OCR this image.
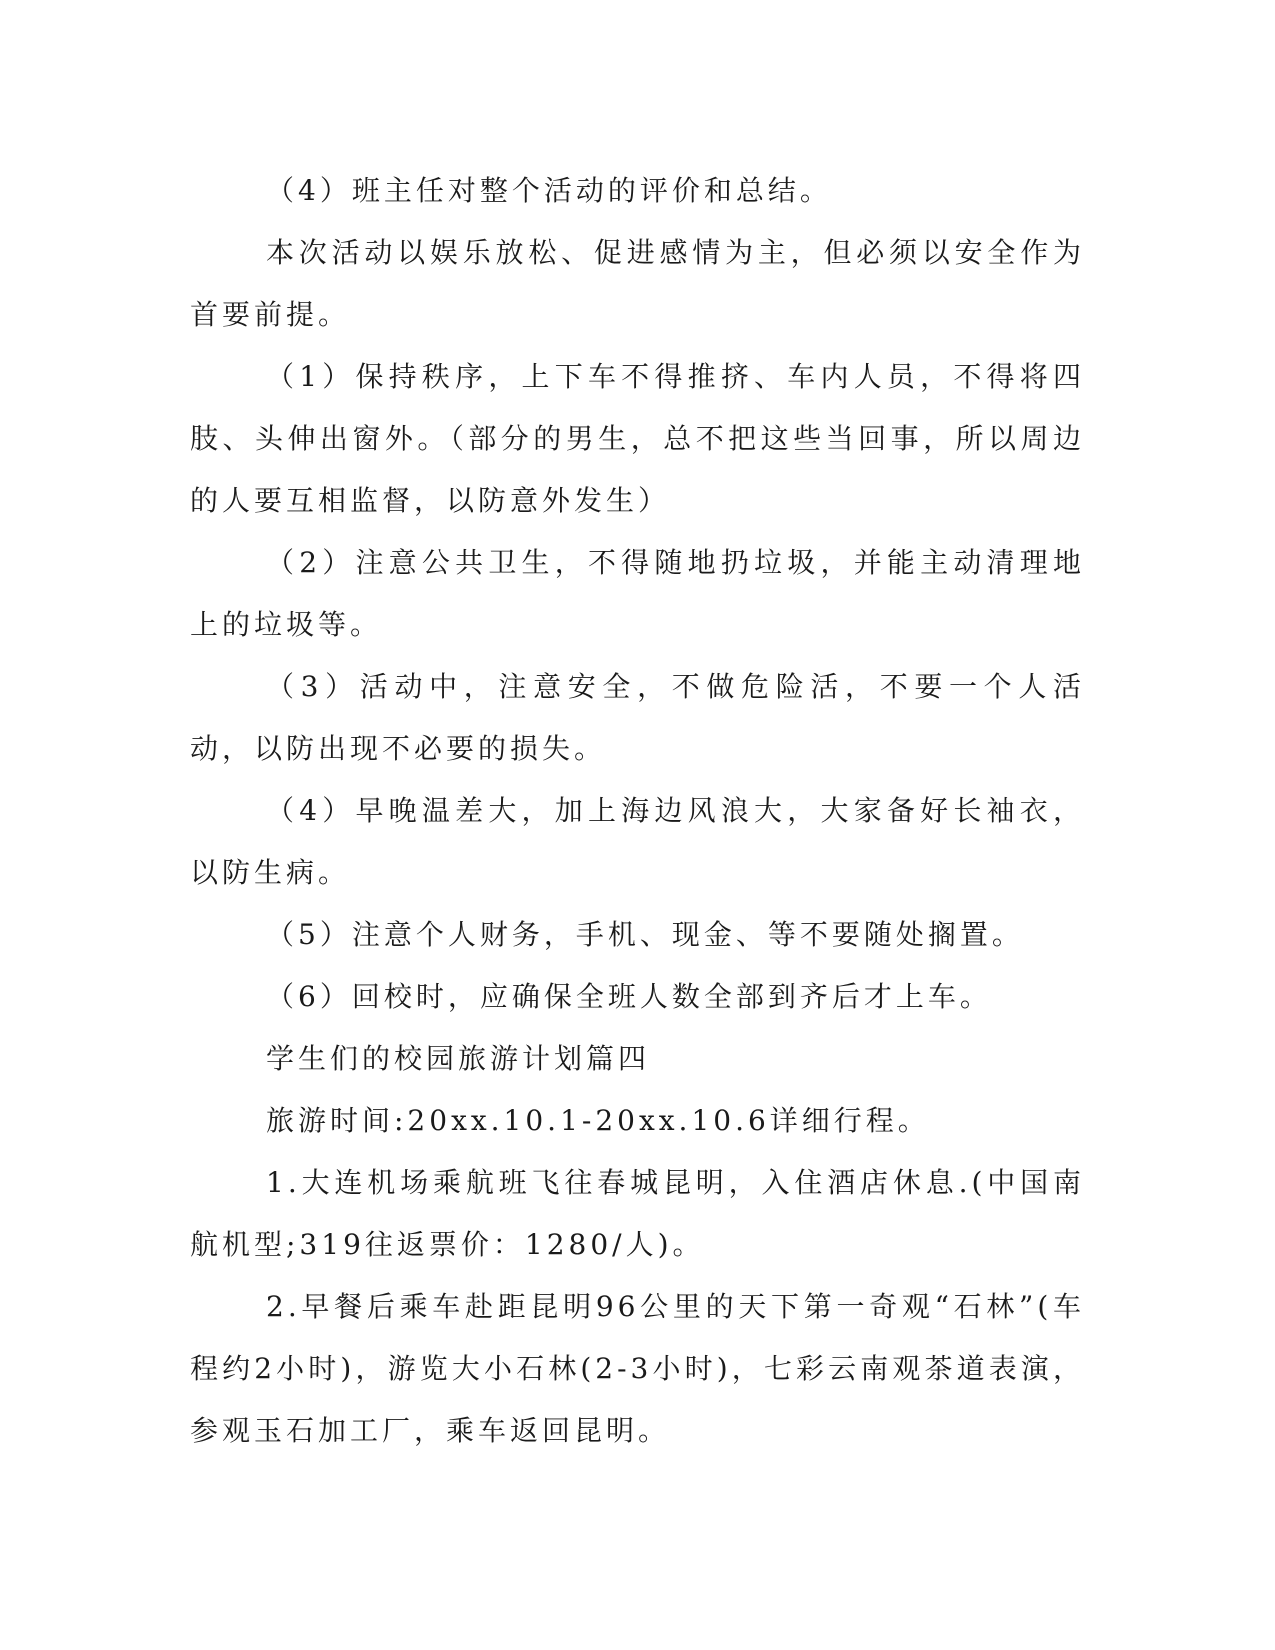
（4）班主任对整个活动的评价和总结。

本次活动以娱乐放松、促进感情为主，但必须以安全作为首要前提。

（1）保持秩序，上下车不得推挤、车内人员，不得将四肢、头伸出窗外。（部分的男生，总不把这些当回事，所以周边的人要互相监督，以防意外发生）

（2）注意公共卫生，不得随地扔垃圾，并能主动清理地上的垃圾等。

（3）活动中，注意安全，不做危险活，不要一个人活动，以防出现不必要的损失。

（4）早晚温差大，加上海边风浪大，大家备好长袖衣，以防生病。

（5）注意个人财务，手机、现金、等不要随处搁置。

（6）回校时，应确保全班人数全部到齐后才上车。

学生们的校园旅游计划篇四

旅游时间:20xx.10.1-20xx.10.6详细行程。

1.大连机场乘航班飞往春城昆明，入住酒店休息.(中国南航机型;319往返票价：1280/人)。

2.早餐后乘车赴距昆明96公里的天下第一奇观“石林”(车程约2小时)，游览大小石林(2-3小时)，七彩云南观茶道表演，参观玉石加工厂，乘车返回昆明。
